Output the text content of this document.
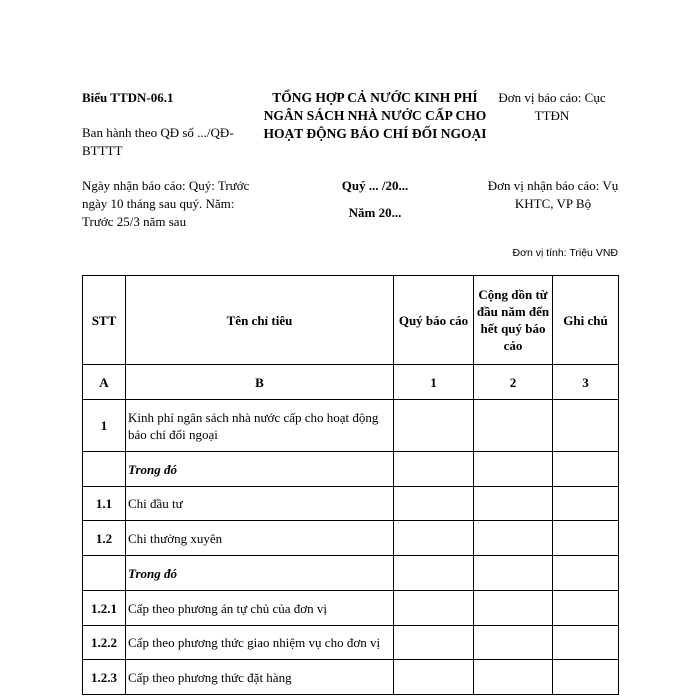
Biểu TTDN-06.1
Ban hành theo QĐ số .../QĐ-BTTTT
Ngày nhận báo cáo: Quý: Trước ngày 10 tháng sau quý. Năm: Trước 25/3 năm sau
TỔNG HỢP CẢ NƯỚC KINH PHÍ NGÂN SÁCH NHÀ NƯỚC CẤP CHO HOẠT ĐỘNG BÁO CHÍ ĐỐI NGOẠI
Quý ... /20...
Năm 20...
Đơn vị báo cáo: Cục TTĐN
Đơn vị nhận báo cáo: Vụ KHTC, VP Bộ
Đơn vị tính: Triệu VNĐ
STT	Tên chỉ tiêu	Quý báo cáo	Cộng dồn từ đầu năm đến hết quý báo cáo	Ghi chú
A	B	1	2	3
1	Kinh phí ngân sách nhà nước cấp cho hoạt động báo chí đối ngoại			
	Trong đó			
1.1	Chi đầu tư			
1.2	Chi thường xuyên			
	Trong đó			
1.2.1	Cấp theo phương án tự chủ của đơn vị			
1.2.2	Cấp theo phương thức giao nhiệm vụ cho đơn vị			
1.2.3	Cấp theo phương thức đặt hàng			
